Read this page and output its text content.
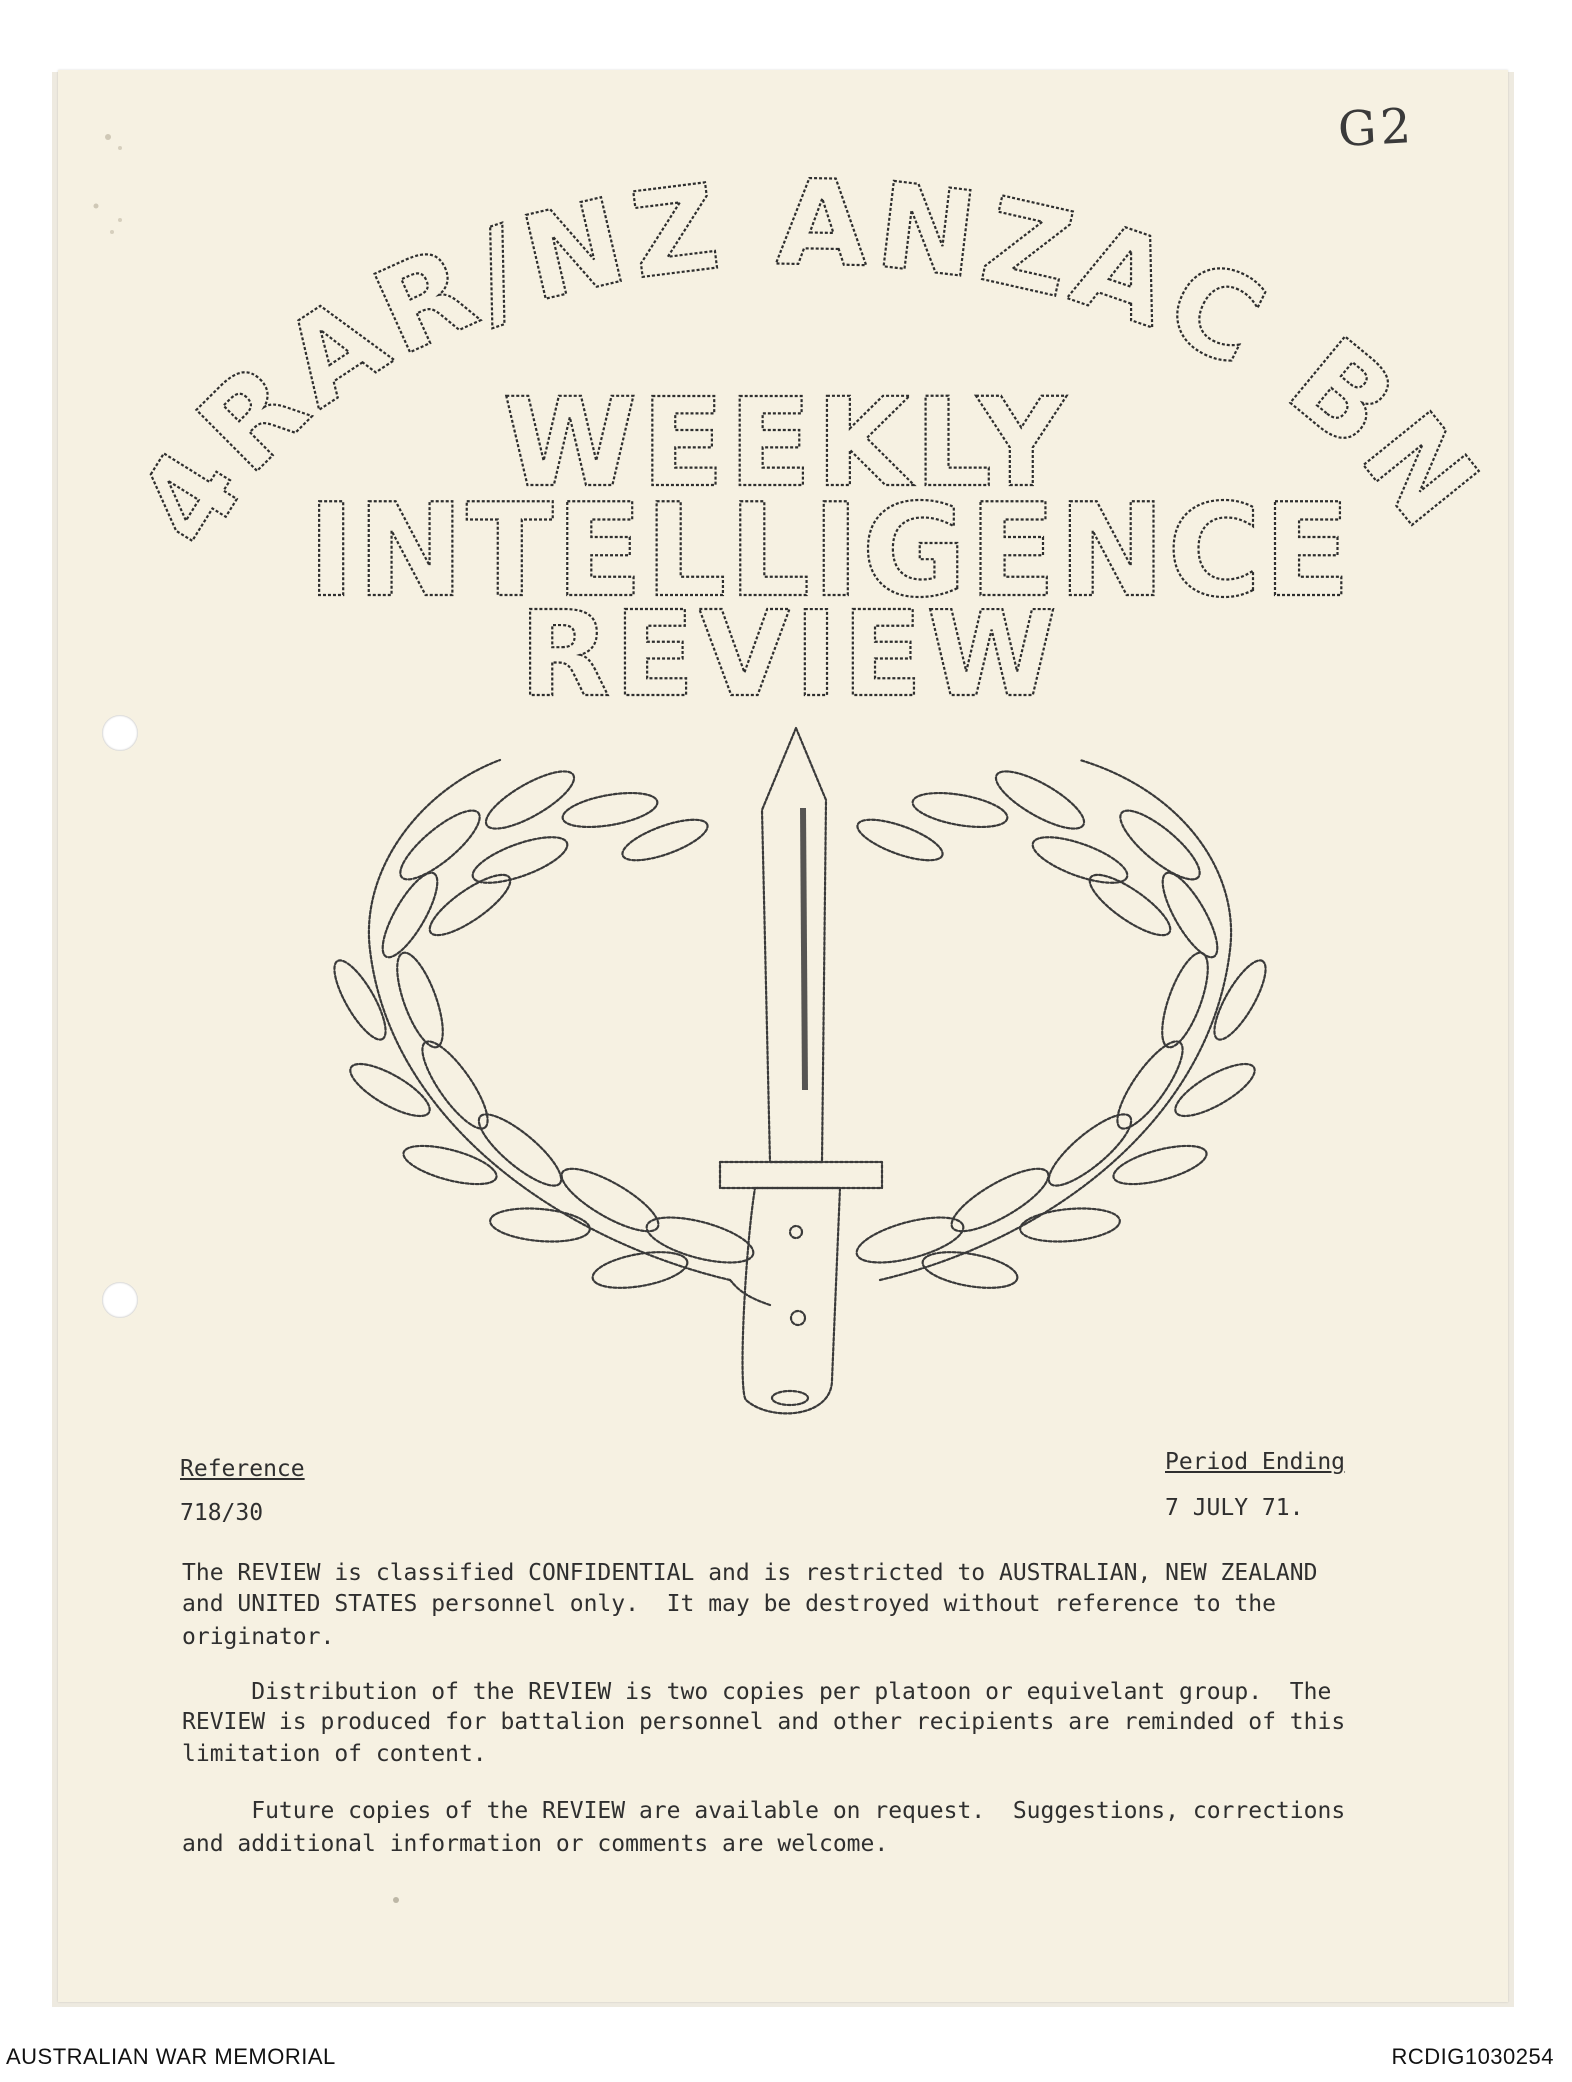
G2
4RAR/NZ ANZAC BN
WEEKLY
INTELLIGENCE
REVIEW
Reference
718/30
Period Ending
7 JULY 71.
The REVIEW is classified CONFIDENTIAL and is restricted to AUSTRALIAN, NEW ZEALAND
and UNITED STATES personnel only.  It may be destroyed without reference to the
originator.
Distribution of the REVIEW is two copies per platoon or equivelant group.  The
REVIEW is produced for battalion personnel and other recipients are reminded of this
limitation of content.
Future copies of the REVIEW are available on request.  Suggestions, corrections
and additional information or comments are welcome.
AUSTRALIAN WAR MEMORIAL	RCDIG1030254
